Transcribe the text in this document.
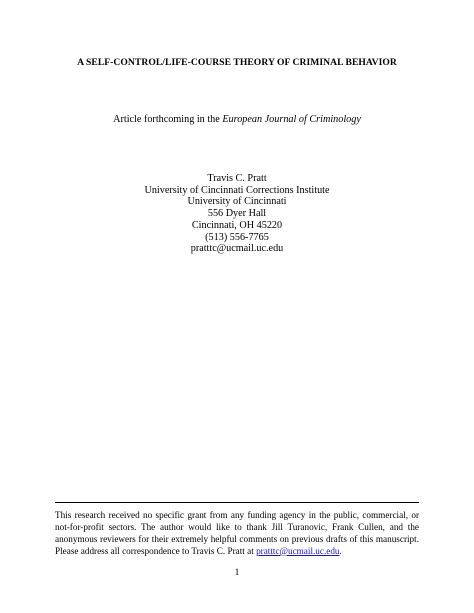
A SELF-CONTROL/LIFE-COURSE THEORY OF CRIMINAL BEHAVIOR
Article forthcoming in the European Journal of Criminology
Travis C. Pratt
University of Cincinnati Corrections Institute
University of Cincinnati
556 Dyer Hall
Cincinnati, OH 45220
(513) 556-7765
pratttc@ucmail.uc.edu
This research received no specific grant from any funding agency in the public, commercial, or not-for-profit sectors. The author would like to thank Jill Turanovic, Frank Cullen, and the anonymous reviewers for their extremely helpful comments on previous drafts of this manuscript. Please address all correspondence to Travis C. Pratt at pratttc@ucmail.uc.edu.
1
